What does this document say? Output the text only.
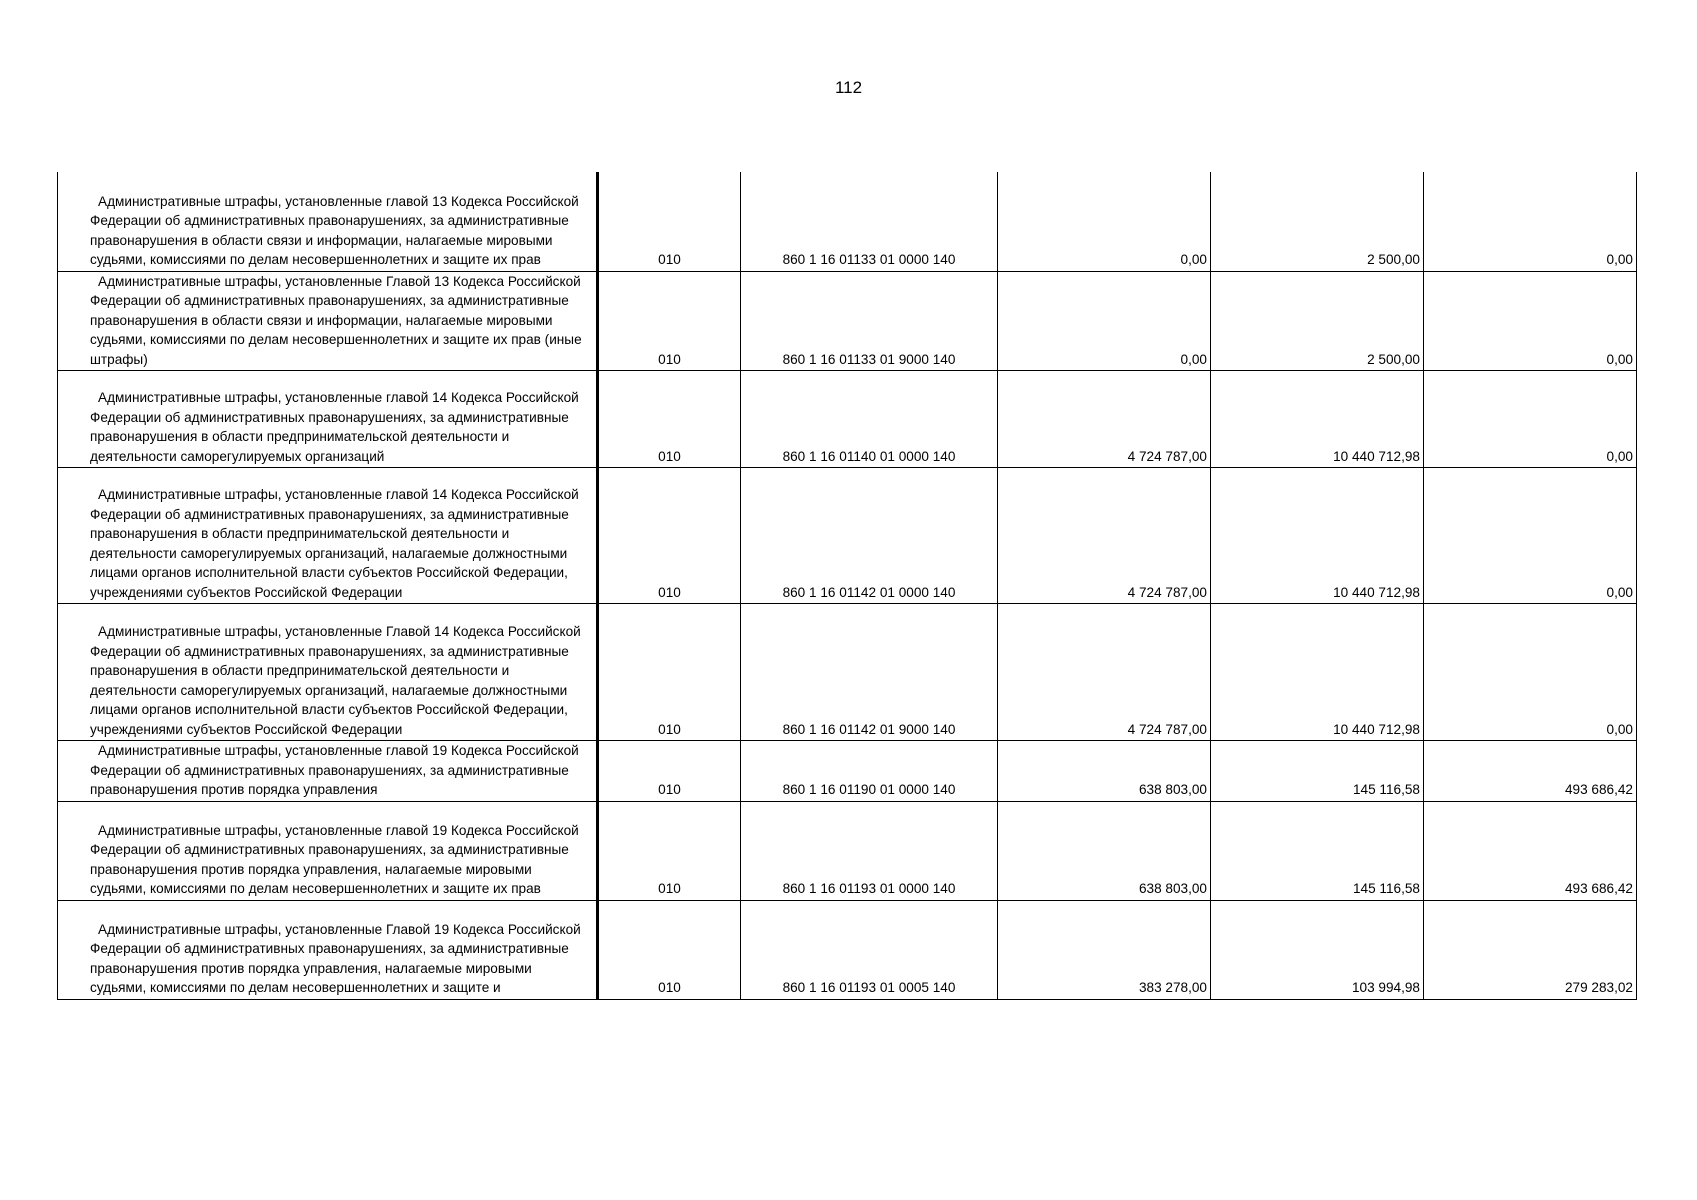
112
Административные штрафы, установленные главой 13 Кодекса Российской Федерации об административных правонарушениях, за административные правонарушения в области связи и информации, налагаемые мировыми судьями, комиссиями по делам несовершеннолетних и защите их прав	010	860 1 16 01133 01 0000 140	0,00	2 500,00	0,00
Административные штрафы, установленные Главой 13 Кодекса Российской Федерации об административных правонарушениях, за административные правонарушения в области связи и информации, налагаемые мировыми судьями, комиссиями по делам несовершеннолетних и защите их прав (иные штрафы)	010	860 1 16 01133 01 9000 140	0,00	2 500,00	0,00
Административные штрафы, установленные главой 14 Кодекса Российской Федерации об административных правонарушениях, за административные правонарушения в области предпринимательской деятельности и деятельности саморегулируемых организаций	010	860 1 16 01140 01 0000 140	4 724 787,00	10 440 712,98	0,00
Административные штрафы, установленные главой 14 Кодекса Российской Федерации об административных правонарушениях, за административные правонарушения в области предпринимательской деятельности и деятельности саморегулируемых организаций, налагаемые должностными лицами органов исполнительной власти субъектов Российской Федерации, учреждениями субъектов Российской Федерации	010	860 1 16 01142 01 0000 140	4 724 787,00	10 440 712,98	0,00
Административные штрафы, установленные Главой 14 Кодекса Российской Федерации об административных правонарушениях, за административные правонарушения в области предпринимательской деятельности и деятельности саморегулируемых организаций, налагаемые должностными лицами органов исполнительной власти субъектов Российской Федерации, учреждениями субъектов Российской Федерации	010	860 1 16 01142 01 9000 140	4 724 787,00	10 440 712,98	0,00
Административные штрафы, установленные главой 19 Кодекса Российской Федерации об административных правонарушениях, за административные правонарушения против порядка управления	010	860 1 16 01190 01 0000 140	638 803,00	145 116,58	493 686,42
Административные штрафы, установленные главой 19 Кодекса Российской Федерации об административных правонарушениях, за административные правонарушения против порядка управления, налагаемые мировыми судьями, комиссиями по делам несовершеннолетних и защите их прав	010	860 1 16 01193 01 0000 140	638 803,00	145 116,58	493 686,42
Административные штрафы, установленные Главой 19 Кодекса Российской Федерации об административных правонарушениях, за административные правонарушения против порядка управления, налагаемые мировыми судьями, комиссиями по делам несовершеннолетних и защите и	010	860 1 16 01193 01 0005 140	383 278,00	103 994,98	279 283,02
